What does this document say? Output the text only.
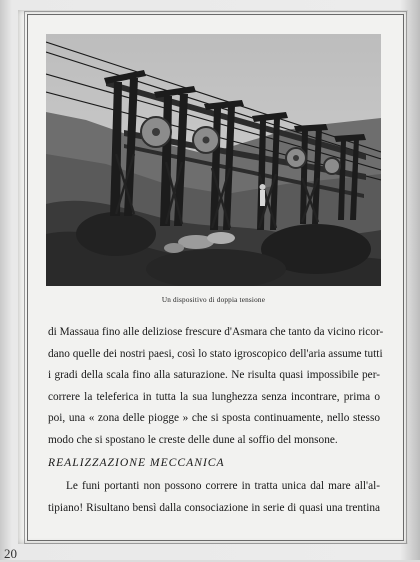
Un dispositivo di doppia tensione
di Massaua fino alle deliziose frescure d'Asmara che tanto da vicino ricor-
dano quelle dei nostri paesi, così lo stato igroscopico dell'aria assume tutti
i gradi della scala fino alla saturazione. Ne risulta quasi impossibile per-
correre la teleferica in tutta la sua lunghezza senza incontrare, prima o
poi, una « zona delle piogge » che si sposta continuamente, nello stesso
modo che si spostano le creste delle dune al soffio del monsone.
REALIZZAZIONE MECCANICA
Le funi portanti non possono correre in tratta unica dal mare all'al-
tipiano! Risultano bensì dalla consociazione in serie di quasi una trentina
20
